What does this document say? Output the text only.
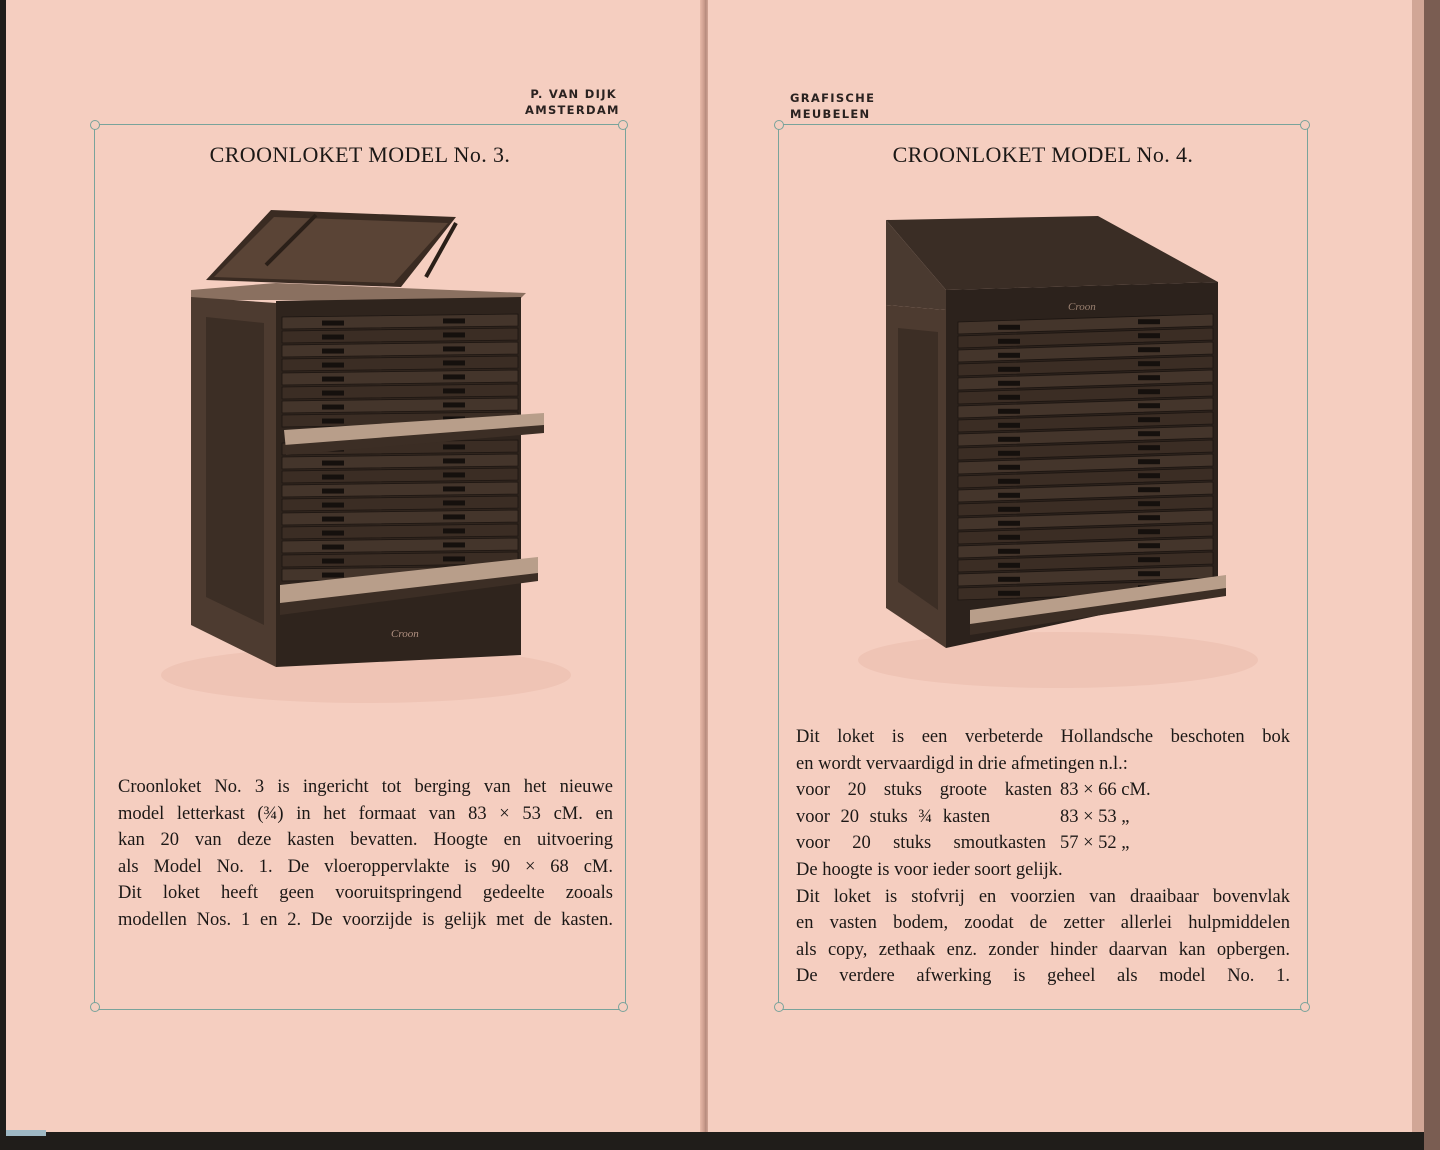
P. VAN DIJK
AMSTERDAM
CROONLOKET MODEL No. 3.
Croon
Croonloket No. 3 is ingericht tot berging van het nieuwe
model letterkast (¾) in het formaat van 83 × 53 cM. en
kan 20 van deze kasten bevatten. Hoogte en uitvoering
als Model No. 1. De vloeroppervlakte is 90 × 68 cM.
Dit loket heeft geen vooruitspringend gedeelte zooals
modellen Nos. 1 en 2. De voorzijde is gelijk met de kasten.
GRAFISCHE
MEUBELEN
CROONLOKET MODEL No. 4.
Croon
Dit loket is een verbeterde Hollandsche beschoten bok
en wordt vervaardigd in drie afmetingen n.l.:
voor 20 stuks groote kasten 83 × 66 cM.
voor 20 stuks ¾ kasten	83 × 53 „
voor 20 stuks smoutkasten 57 × 52 „
De hoogte is voor ieder soort gelijk.
Dit loket is stofvrij en voorzien van draaibaar bovenvlak
en vasten bodem, zoodat de zetter allerlei hulpmiddelen
als copy, zethaak enz. zonder hinder daarvan kan opbergen.
De verdere afwerking is geheel als model No. 1.
